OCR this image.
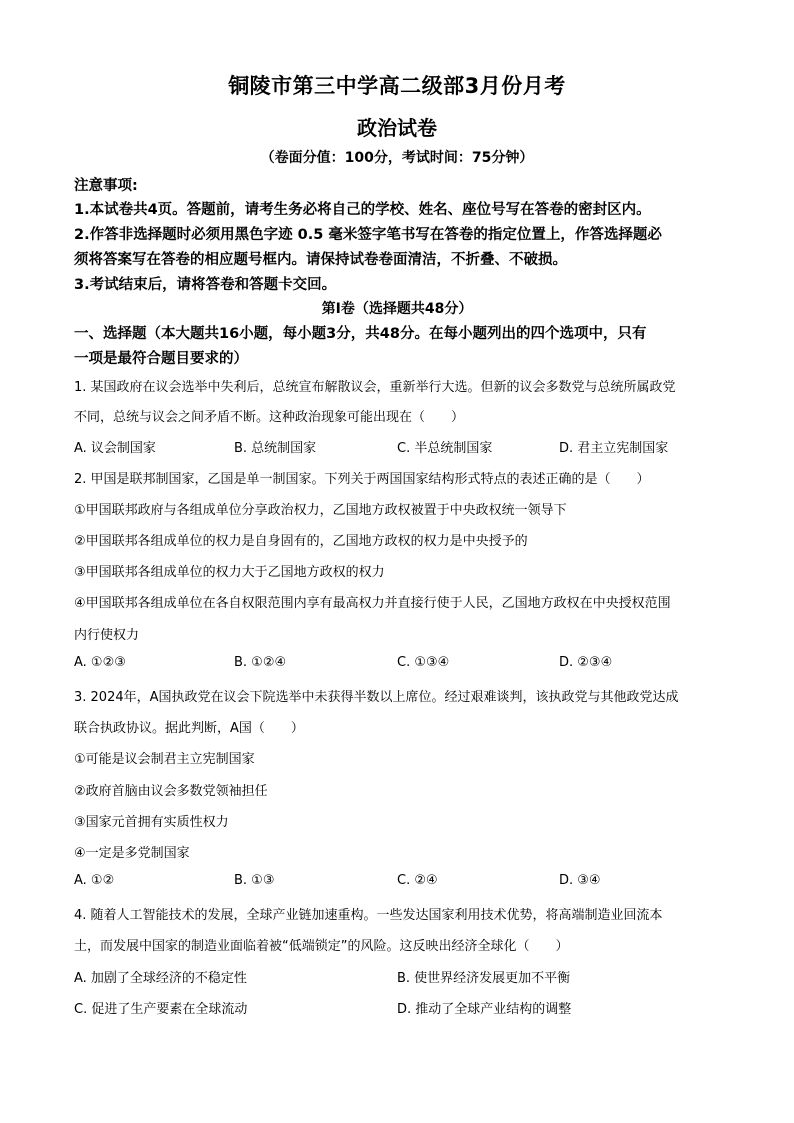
铜陵市第三中学高二级部3月份月考
政治试卷
（卷面分值：100分，考试时间：75分钟）
注意事项:
1.本试卷共4页。答题前，请考生务必将自己的学校、姓名、座位号写在答卷的密封区内。
2.作答非选择题时必须用黑色字迹 0.5 毫米签字笔书写在答卷的指定位置上，作答选择题必
须将答案写在答卷的相应题号框内。请保持试卷卷面清洁，不折叠、不破损。
3.考试结束后，请将答卷和答题卡交回。
第Ⅰ卷（选择题共48分）
一、选择题（本大题共16小题，每小题3分，共48分。在每小题列出的四个选项中，只有
一项是最符合题目要求的）
1. 某国政府在议会选举中失利后，总统宣布解散议会，重新举行大选。但新的议会多数党与总统所属政党
不同，总统与议会之间矛盾不断。这种政治现象可能出现在（　　）
A. 议会制国家	B. 总统制国家	C. 半总统制国家	D. 君主立宪制国家
2. 甲国是联邦制国家，乙国是单一制国家。下列关于两国国家结构形式特点的表述正确的是（　　）
①甲国联邦政府与各组成单位分享政治权力，乙国地方政权被置于中央政权统一领导下
②甲国联邦各组成单位的权力是自身固有的，乙国地方政权的权力是中央授予的
③甲国联邦各组成单位的权力大于乙国地方政权的权力
④甲国联邦各组成单位在各自权限范围内享有最高权力并直接行使于人民，乙国地方政权在中央授权范围
内行使权力
A. ①②③	B. ①②④	C. ①③④	D. ②③④
3. 2024年，A国执政党在议会下院选举中未获得半数以上席位。经过艰难谈判，该执政党与其他政党达成
联合执政协议。据此判断，A国（　　）
①可能是议会制君主立宪制国家
②政府首脑由议会多数党领袖担任
③国家元首拥有实质性权力
④一定是多党制国家
A. ①②	B. ①③	C. ②④	D. ③④
4. 随着人工智能技术的发展，全球产业链加速重构。一些发达国家利用技术优势，将高端制造业回流本
土，而发展中国家的制造业面临着被“低端锁定”的风险。这反映出经济全球化（　　）
A. 加剧了全球经济的不稳定性	B. 使世界经济发展更加不平衡
C. 促进了生产要素在全球流动	D. 推动了全球产业结构的调整
